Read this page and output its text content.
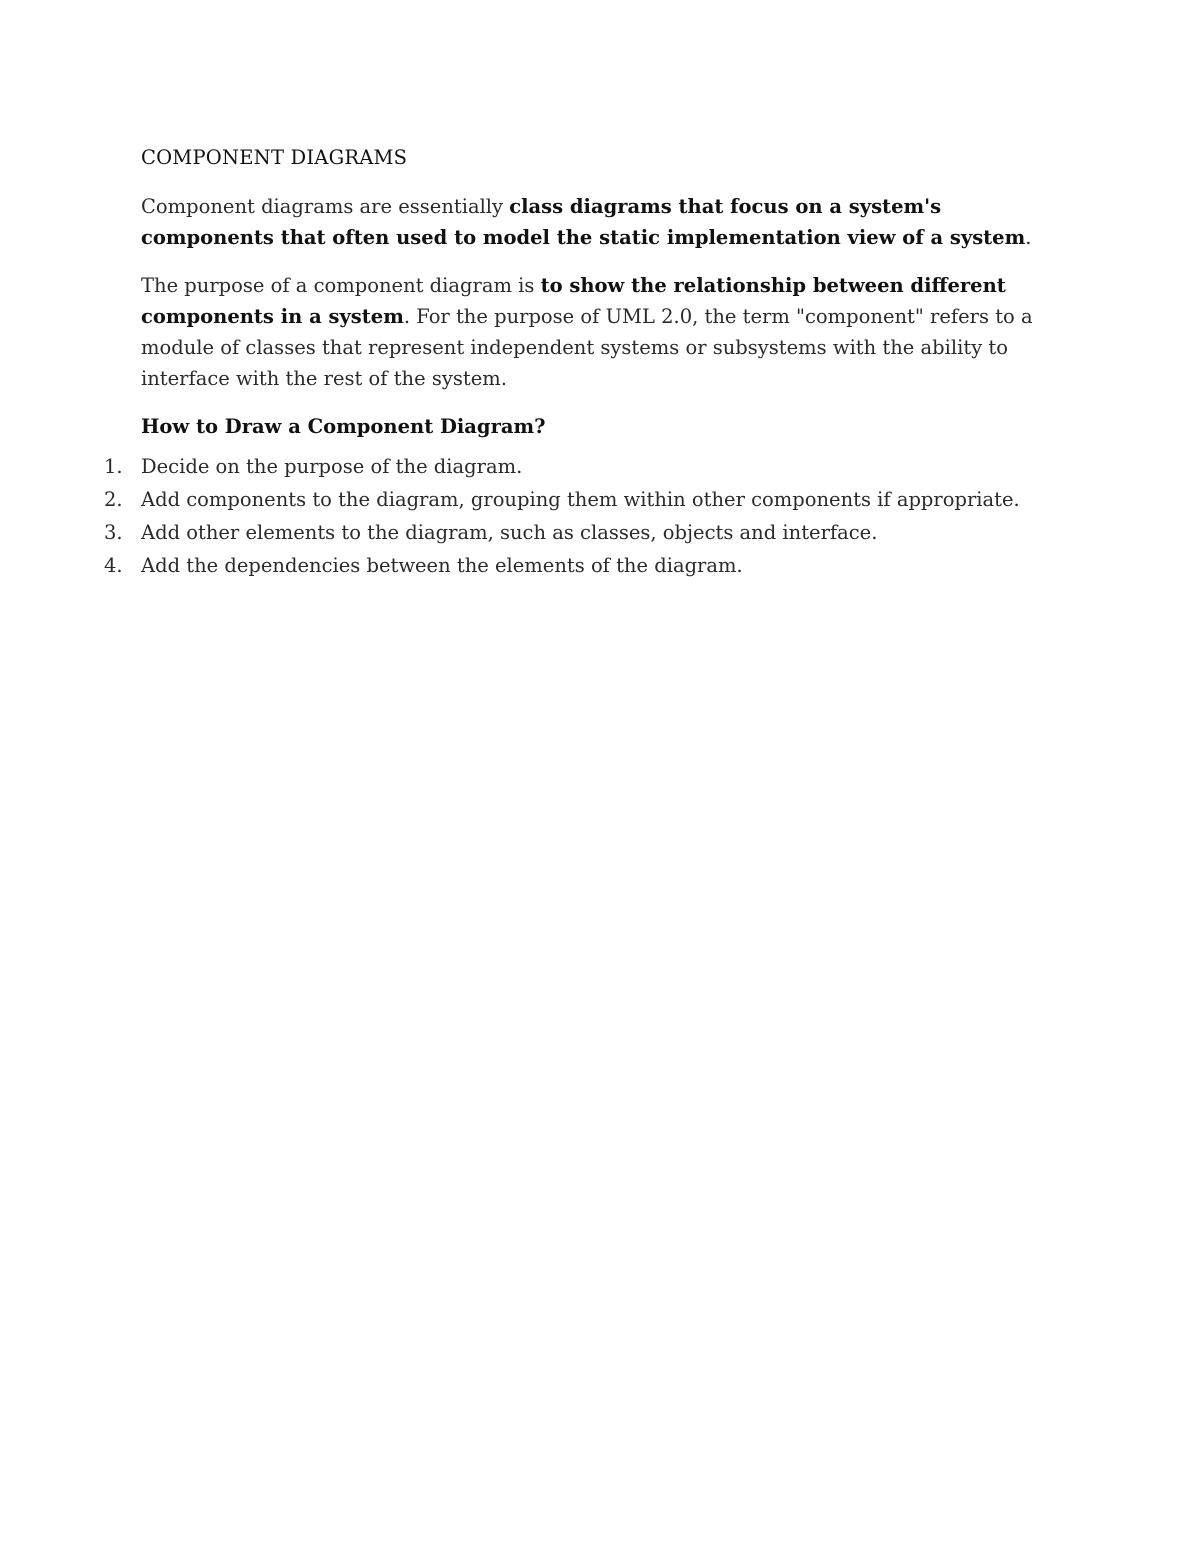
COMPONENT DIAGRAMS

Component diagrams are essentially class diagrams that focus on a system's components that often used to model the static implementation view of a system.

The purpose of a component diagram is to show the relationship between different components in a system. For the purpose of UML 2.0, the term "component" refers to a module of classes that represent independent systems or subsystems with the ability to interface with the rest of the system.

How to Draw a Component Diagram?
1. Decide on the purpose of the diagram.
2. Add components to the diagram, grouping them within other components if appropriate.
3. Add other elements to the diagram, such as classes, objects and interface.
4. Add the dependencies between the elements of the diagram.
